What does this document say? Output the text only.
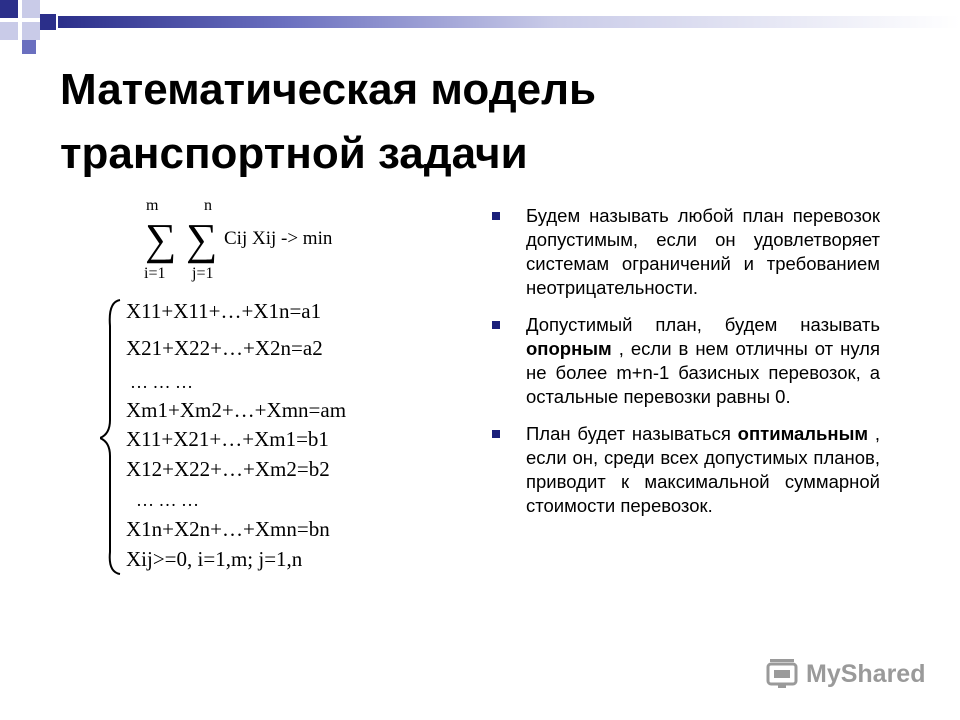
Математическая модель
транспортной задачи
m
∑
i=1
n
∑
j=1
Cij Xij -> min
X11+X11+…+X1n=a1
X21+X22+…+X2n=a2
… … …
Xm1+Xm2+…+Xmn=am
X11+X21+…+Xm1=b1
X12+X22+…+Xm2=b2
… … …
X1n+X2n+…+Xmn=bn
Xij>=0, i=1,m; j=1,n
Будем называть любой план перевозок допустимым, если он удовлетворяет системам ограничений и требованием неотрицательности.
Допустимый план, будем называть опорным , если в нем отличны от нуля не более m+n-1 базисных перевозок, а остальные перевозки равны 0.
План будет называться оптимальным , если он, среди всех допустимых планов, приводит к максимальной суммарной стоимости перевозок.
MyShared
